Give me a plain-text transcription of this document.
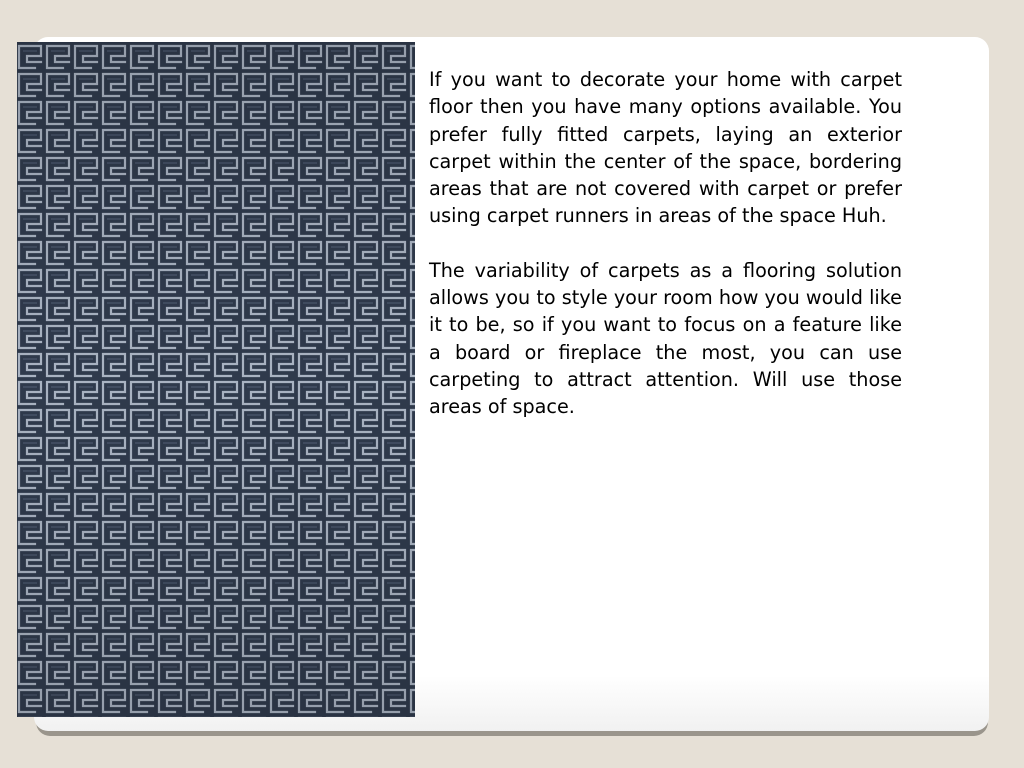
If you want to decorate your home with carpet floor then you have many options available. You prefer fully fitted carpets, laying an exterior carpet within the center of the space, bordering areas that are not covered with carpet or prefer using carpet runners in areas of the space Huh.

The variability of carpets as a flooring solution allows you to style your room how you would like it to be, so if you want to focus on a feature like a board or fireplace the most, you can use carpeting to attract attention. Will use those areas of space.
